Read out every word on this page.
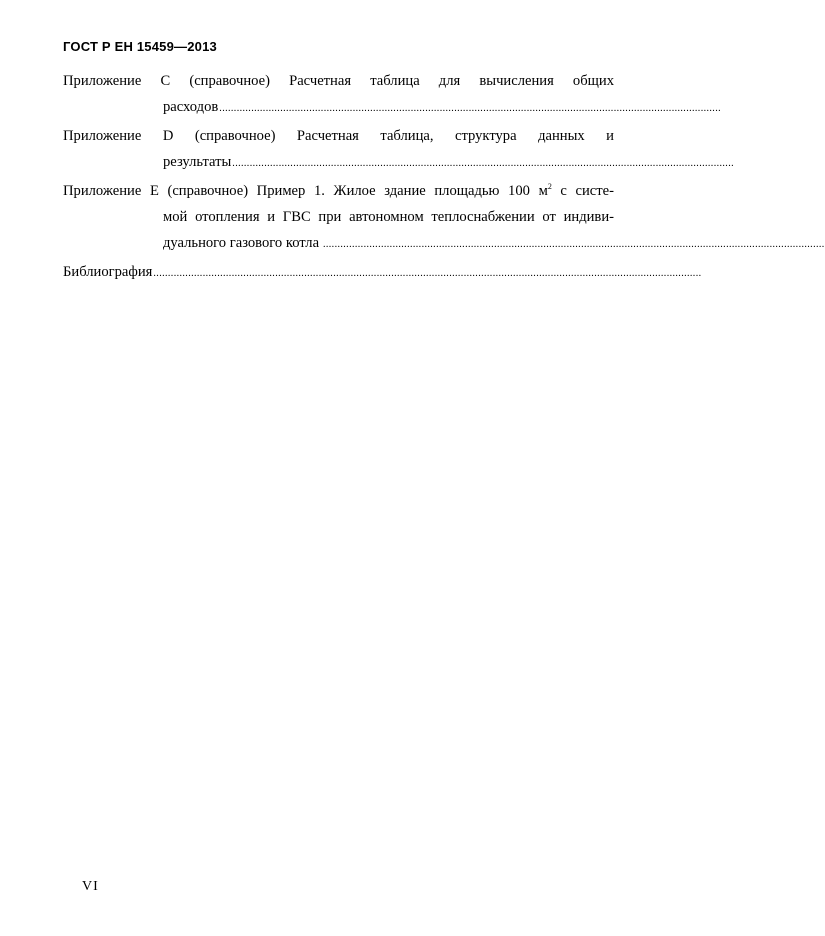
ГОСТ Р ЕН 15459—2013
Приложение С (справочное) Расчетная таблица для вычисления общих
расходов .............................................................................................................................................................................
Приложение D (справочное) Расчетная таблица, структура данных и
результаты .............................................................................................................................................................................
Приложение Е (справочное) Пример 1. Жилое здание площадью 100 $м^2$ с систе-
мой отопления и ГВС при автономном теплоснабжении от индиви-
дуального газового котла .............................................................................................................................................................................
Библиография .............................................................................................................................................................................................
VI
